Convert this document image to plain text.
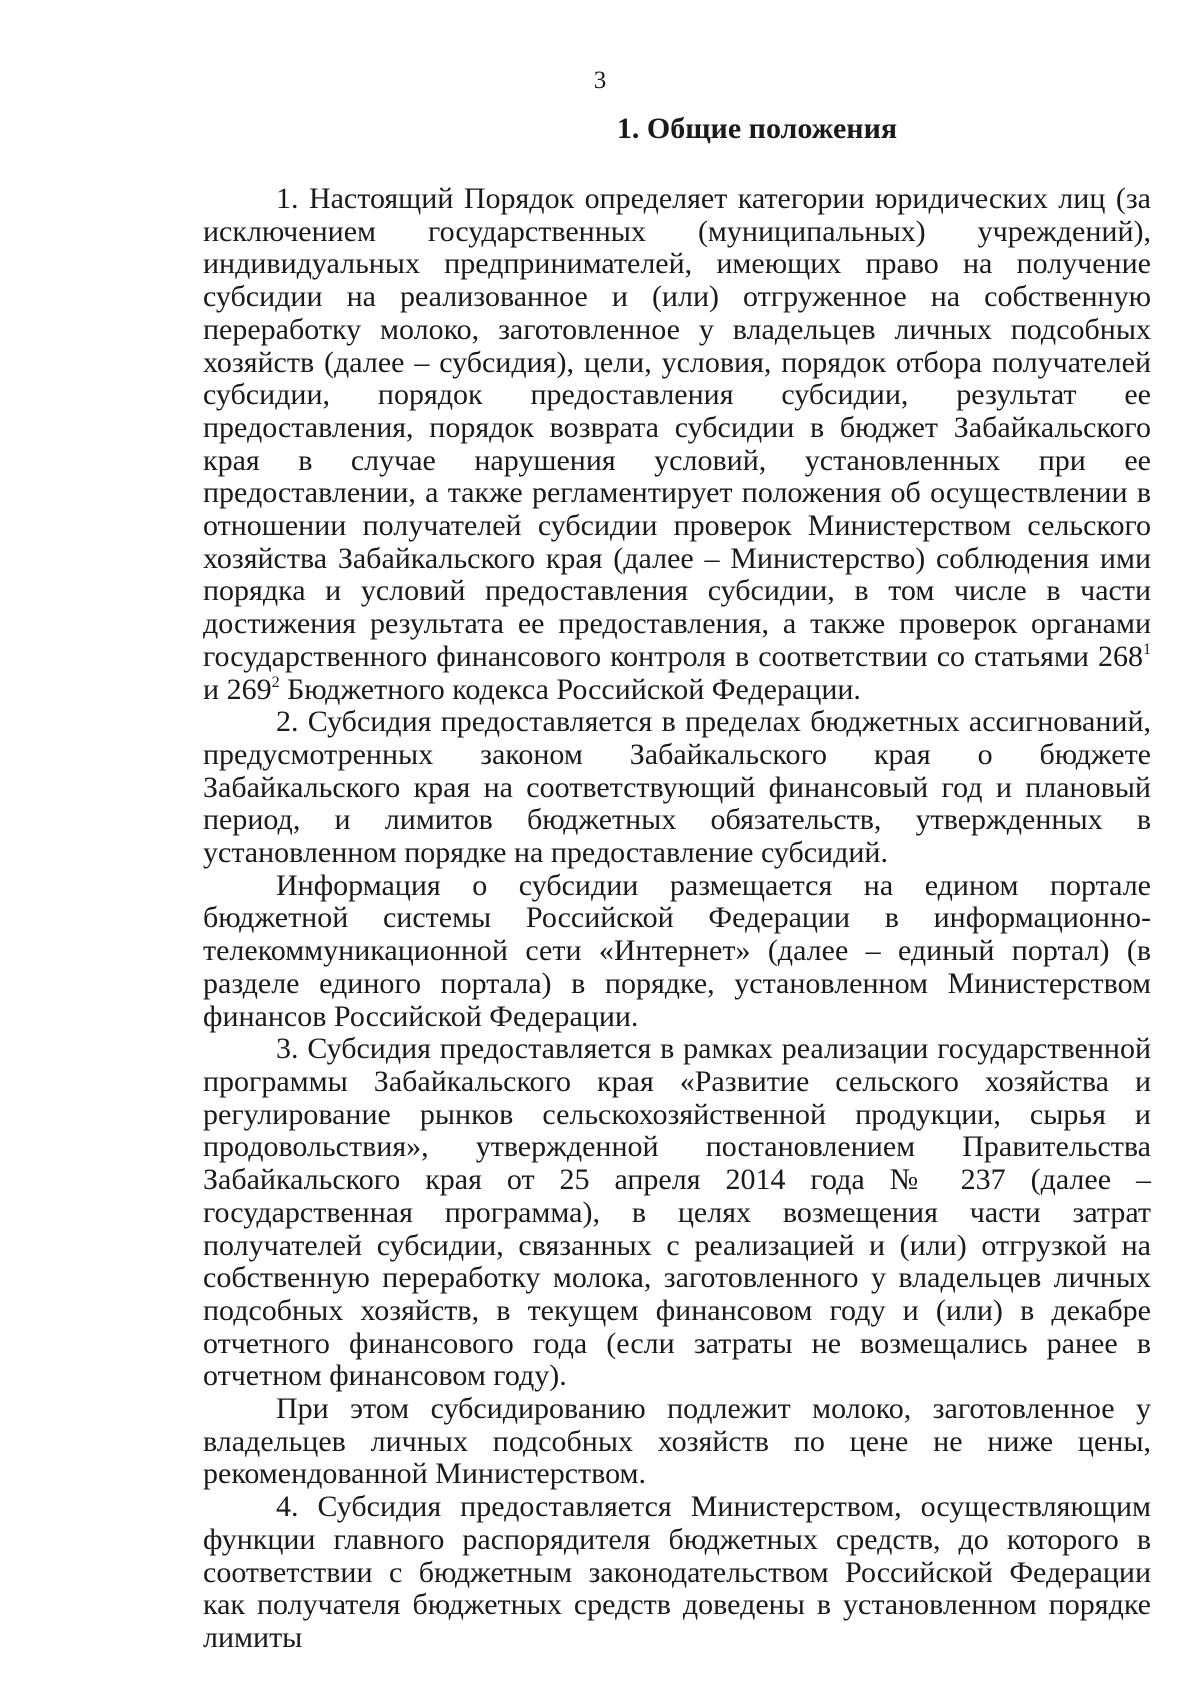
3
1. Общие положения

1. Настоящий Порядок определяет категории юридических лиц (за исключением государственных (муниципальных) учреждений), индивидуальных предпринимателей, имеющих право на получение субсидии на реализованное и (или) отгруженное на собственную переработку молоко, заготовленное у владельцев личных подсобных хозяйств (далее – субсидия), цели, условия, порядок отбора получателей субсидии, порядок предоставления субсидии, результат ее предоставления, порядок возврата субсидии в бюджет Забайкальского края в случае нарушения условий, установленных при ее предоставлении, а также регламентирует положения об осуществлении в отношении получателей субсидии проверок Министерством сельского хозяйства Забайкальского края (далее – Министерство) соблюдения ими порядка и условий предоставления субсидии, в том числе в части достижения результата ее предоставления, а также проверок органами государственного финансового контроля в соответствии со статьями $268^1$ и $269^2$ Бюджетного кодекса Российской Федерации.

2. Субсидия предоставляется в пределах бюджетных ассигнований, предусмотренных законом Забайкальского края о бюджете Забайкальского края на соответствующий финансовый год и плановый период, и лимитов бюджетных обязательств, утвержденных в установленном порядке на предоставление субсидий.

Информация о субсидии размещается на едином портале бюджетной системы Российской Федерации в информационно-телекоммуникационной сети «Интернет» (далее – единый портал) (в разделе единого портала) в порядке, установленном Министерством финансов Российской Федерации.

3. Субсидия предоставляется в рамках реализации государственной программы Забайкальского края «Развитие сельского хозяйства и регулирование рынков сельскохозяйственной продукции, сырья и продовольствия», утвержденной постановлением Правительства Забайкальского края от 25 апреля 2014 года № 237 (далее – государственная программа), в целях возмещения части затрат получателей субсидии, связанных с реализацией и (или) отгрузкой на собственную переработку молока, заготовленного у владельцев личных подсобных хозяйств, в текущем финансовом году и (или) в декабре отчетного финансового года (если затраты не возмещались ранее в отчетном финансовом году).

При этом субсидированию подлежит молоко, заготовленное у владельцев личных подсобных хозяйств по цене не ниже цены, рекомендованной Министерством.

4. Субсидия предоставляется Министерством, осуществляющим функции главного распорядителя бюджетных средств, до которого в соответствии с бюджетным законодательством Российской Федерации как получателя бюджетных средств доведены в установленном порядке лимиты
